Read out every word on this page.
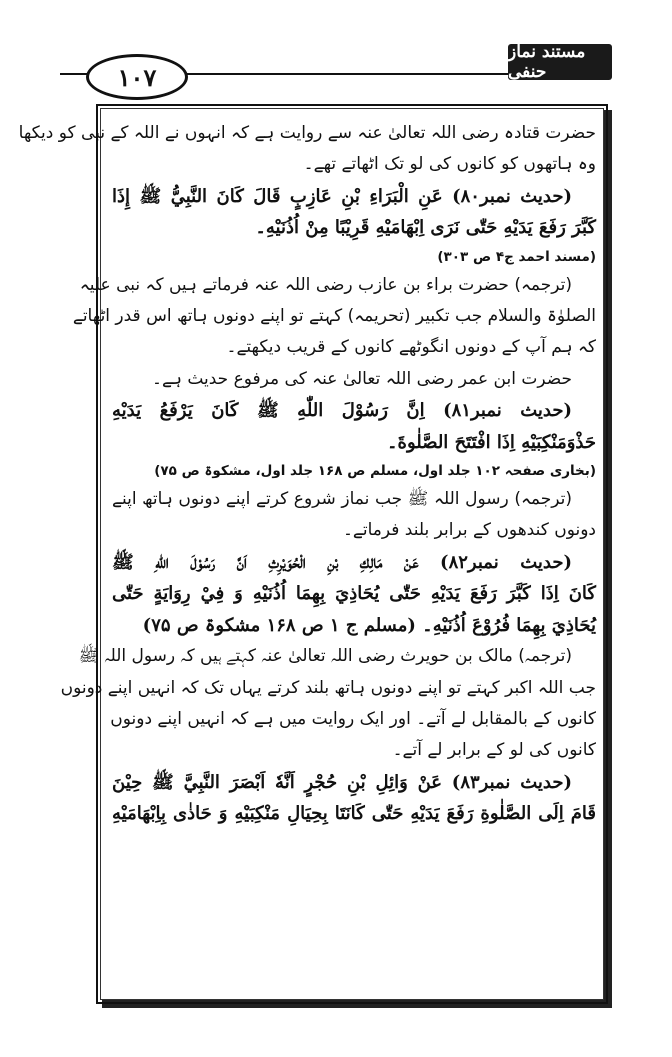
١٠٧
مستند نماز حنفی
حضرت قتادہ رضی اللہ تعالیٰ عنہ سے روایت ہے کہ انہوں نے اللہ کے نبی کو دیکھا
وہ ہاتھوں کو کانوں کی لو تک اٹھاتے تھے۔
(حدیث نمبر۸۰) عَنِ الْبَرَاءِ بْنِ عَازِبٍ قَالَ كَانَ النَّبِيُّ ﷺ إِذَا
كَبَّرَ رَفَعَ يَدَيْهِ حَتّٰى نَرَى اِبْهَامَيْهِ قَرِيْبًا مِنْ اُذُنَيْهِ۔
(مسند احمد ج۴ ص ۳۰۳)
(ترجمہ) حضرت براء بن عازب رضی اللہ عنہ فرماتے ہیں کہ نبی علیہ
الصلوٰۃ والسلام جب تکبیر (تحریمہ) کہتے تو اپنے دونوں ہاتھ اس قدر اٹھاتے
کہ ہم آپ کے دونوں انگوٹھے کانوں کے قریب دیکھتے۔
حضرت ابن عمر رضی اللہ تعالیٰ عنہ کی مرفوع حدیث ہے۔
(حدیث نمبر۸۱) اِنَّ رَسُوْلَ اللّٰهِ ﷺ كَانَ يَرْفَعُ يَدَيْهِ
حَذْوَمَنْكِبَيْهِ اِذَا افْتَتَحَ الصَّلٰوةَ۔
(بخاری صفحہ ۱۰۲ جلد اول، مسلم ص ۱۶۸ جلد اول، مشکوۃ ص ۷۵)
(ترجمہ) رسول اللہ ﷺ جب نماز شروع کرتے اپنے دونوں ہاتھ اپنے
دونوں کندھوں کے برابر بلند فرماتے۔
(حدیث نمبر۸۲) عَنْ مَالِكِ بْنِ الْحُوَيْرِثِ اَنَّ رَسُوْلَ اللّٰهِ ﷺ
كَانَ اِذَا كَبَّرَ رَفَعَ يَدَيْهِ حَتّٰى يُحَاذِيَ بِهِمَا اُذُنَيْهِ وَ فِيْ رِوَايَةٍ حَتّٰى
يُحَاذِيَ بِهِمَا فُرُوْعَ اُذُنَيْهِ۔ (مسلم ج ۱ ص ۱۶۸ مشکوۃ ص ۷۵)
(ترجمہ) مالک بن حویرث رضی اللہ تعالیٰ عنہ کہتے ہیں کہ رسول اللہ ﷺ
جب اللہ اکبر کہتے تو اپنے دونوں ہاتھ بلند کرتے یہاں تک کہ انہیں اپنے دونوں
کانوں کے بالمقابل لے آتے۔ اور ایک روایت میں ہے کہ انہیں اپنے دونوں
کانوں کی لو کے برابر لے آتے۔
(حدیث نمبر۸۳) عَنْ وَائِلِ بْنِ حُجْرٍ اَنَّهٗ اَبْصَرَ النَّبِيَّ ﷺ حِيْنَ
قَامَ اِلَى الصَّلٰوةِ رَفَعَ يَدَيْهِ حَتّٰى كَانَتَا بِحِيَالِ مَنْكِبَيْهِ وَ حَاذٰى بِاِبْهَامَيْهِ
